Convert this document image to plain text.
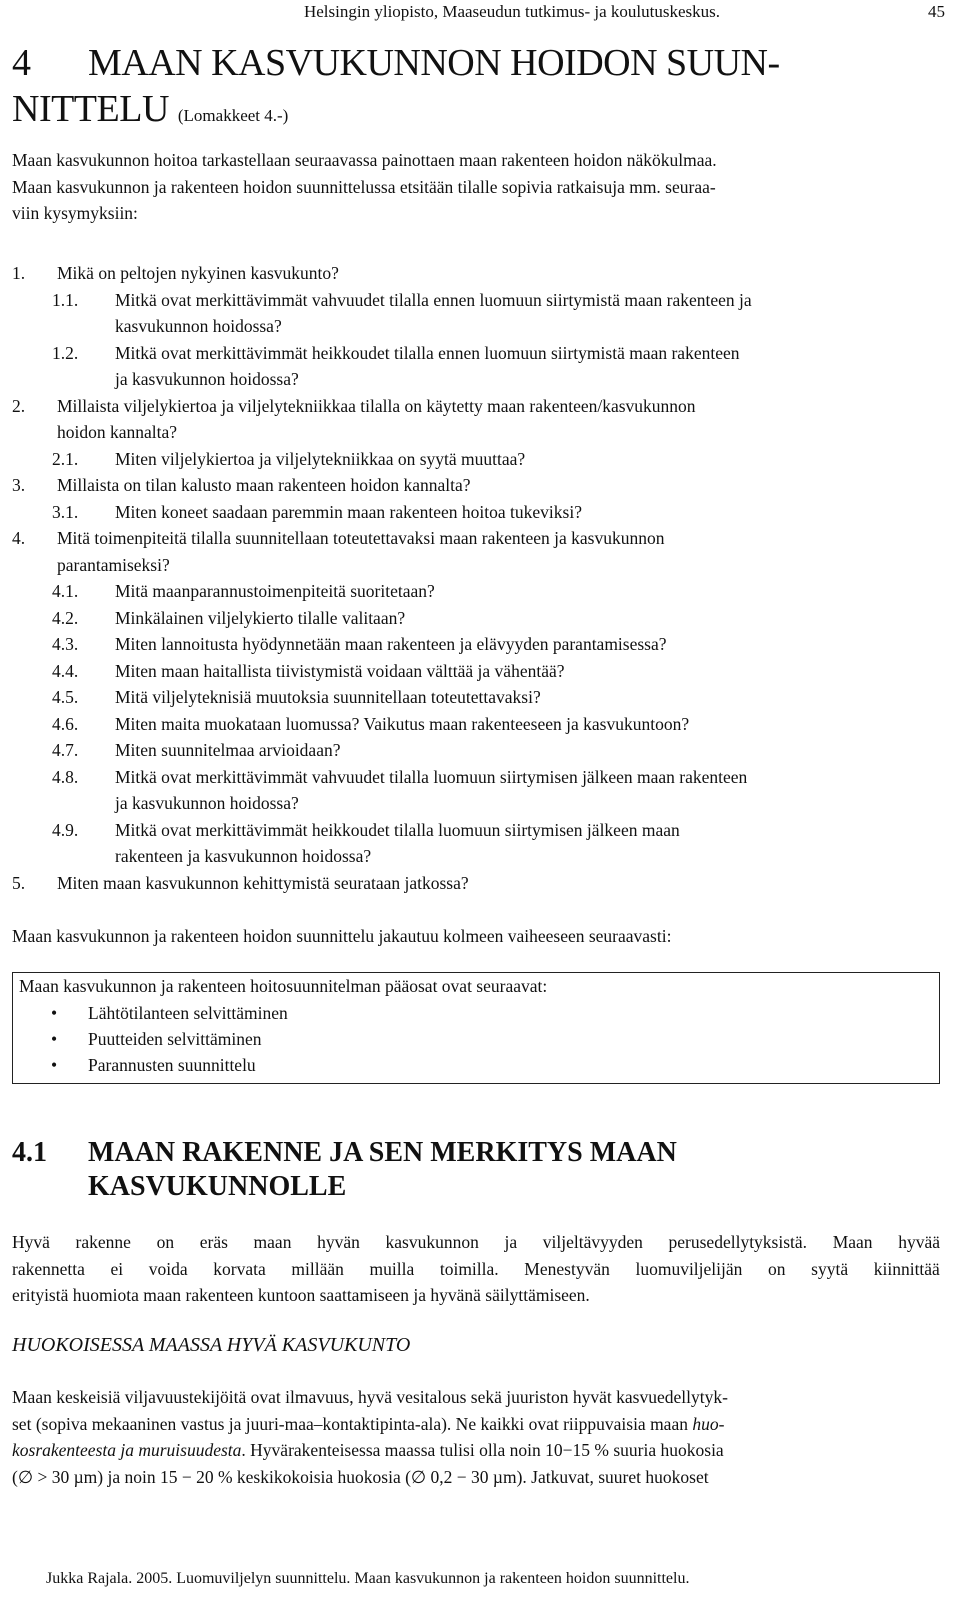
Helsingin yliopisto, Maaseudun tutkimus- ja koulutuskeskus.	45
4 MAAN KASVUKUNNON HOIDON SUUN-
NITTELU (Lomakkeet 4.-)
Maan kasvukunnon hoitoa tarkastellaan seuraavassa painottaen maan rakenteen hoidon näkökulmaa.
Maan kasvukunnon ja rakenteen hoidon suunnittelussa etsitään tilalle sopivia ratkaisuja mm. seuraa-
viin kysymyksiin:
1. Mikä on peltojen nykyinen kasvukunto?
1.1. Mitkä ovat merkittävimmät vahvuudet tilalla ennen luomuun siirtymistä maan rakenteen ja
kasvukunnon hoidossa?
1.2. Mitkä ovat merkittävimmät heikkoudet tilalla ennen luomuun siirtymistä maan rakenteen
ja kasvukunnon hoidossa?
2. Millaista viljelykiertoa ja viljelytekniikkaa tilalla on käytetty maan rakenteen/kasvukunnon
hoidon kannalta?
2.1. Miten viljelykiertoa ja viljelytekniikkaa on syytä muuttaa?
3. Millaista on tilan kalusto maan rakenteen hoidon kannalta?
3.1. Miten koneet saadaan paremmin maan rakenteen hoitoa tukeviksi?
4. Mitä toimenpiteitä tilalla suunnitellaan toteutettavaksi maan rakenteen ja kasvukunnon
parantamiseksi?
4.1. Mitä maanparannustoimenpiteitä suoritetaan?
4.2. Minkälainen viljelykierto tilalle valitaan?
4.3. Miten lannoitusta hyödynnetään maan rakenteen ja elävyyden parantamisessa?
4.4. Miten maan haitallista tiivistymistä voidaan välttää ja vähentää?
4.5. Mitä viljelyteknisiä muutoksia suunnitellaan toteutettavaksi?
4.6. Miten maita muokataan luomussa? Vaikutus maan rakenteeseen ja kasvukuntoon?
4.7. Miten suunnitelmaa arvioidaan?
4.8. Mitkä ovat merkittävimmät vahvuudet tilalla luomuun siirtymisen jälkeen maan rakenteen
ja kasvukunnon hoidossa?
4.9. Mitkä ovat merkittävimmät heikkoudet tilalla luomuun siirtymisen jälkeen maan
rakenteen ja kasvukunnon hoidossa?
5. Miten maan kasvukunnon kehittymistä seurataan jatkossa?
Maan kasvukunnon ja rakenteen hoidon suunnittelu jakautuu kolmeen vaiheeseen seuraavasti:
Maan kasvukunnon ja rakenteen hoitosuunnitelman pääosat ovat seuraavat:
• Lähtötilanteen selvittäminen
• Puutteiden selvittäminen
• Parannusten suunnittelu
4.1 MAAN RAKENNE JA SEN MERKITYS MAAN
KASVUKUNNOLLE
Hyvä rakenne on eräs maan hyvän kasvukunnon ja viljeltävyyden perusedellytyksistä. Maan hyvää
rakennetta ei voida korvata millään muilla toimilla. Menestyvän luomuviljelijän on syytä kiinnittää
erityistä huomiota maan rakenteen kuntoon saattamiseen ja hyvänä säilyttämiseen.
HUOKOISESSA MAASSA HYVÄ KASVUKUNTO
Maan keskeisiä viljavuustekijöitä ovat ilmavuus, hyvä vesitalous sekä juuriston hyvät kasvuedellytyk-
set (sopiva mekaaninen vastus ja juuri-maa–kontaktipinta-ala). Ne kaikki ovat riippuvaisia maan huo-
kosrakenteesta ja muruisuudesta. Hyvärakenteisessa maassa tulisi olla noin 10−15 % suuria huokosia
(∅ > 30 µm) ja noin 15 − 20 % keskikokoisia huokosia (∅ 0,2 − 30 µm). Jatkuvat, suuret huokoset
Jukka Rajala. 2005. Luomuviljelyn suunnittelu. Maan kasvukunnon ja rakenteen hoidon suunnittelu.
